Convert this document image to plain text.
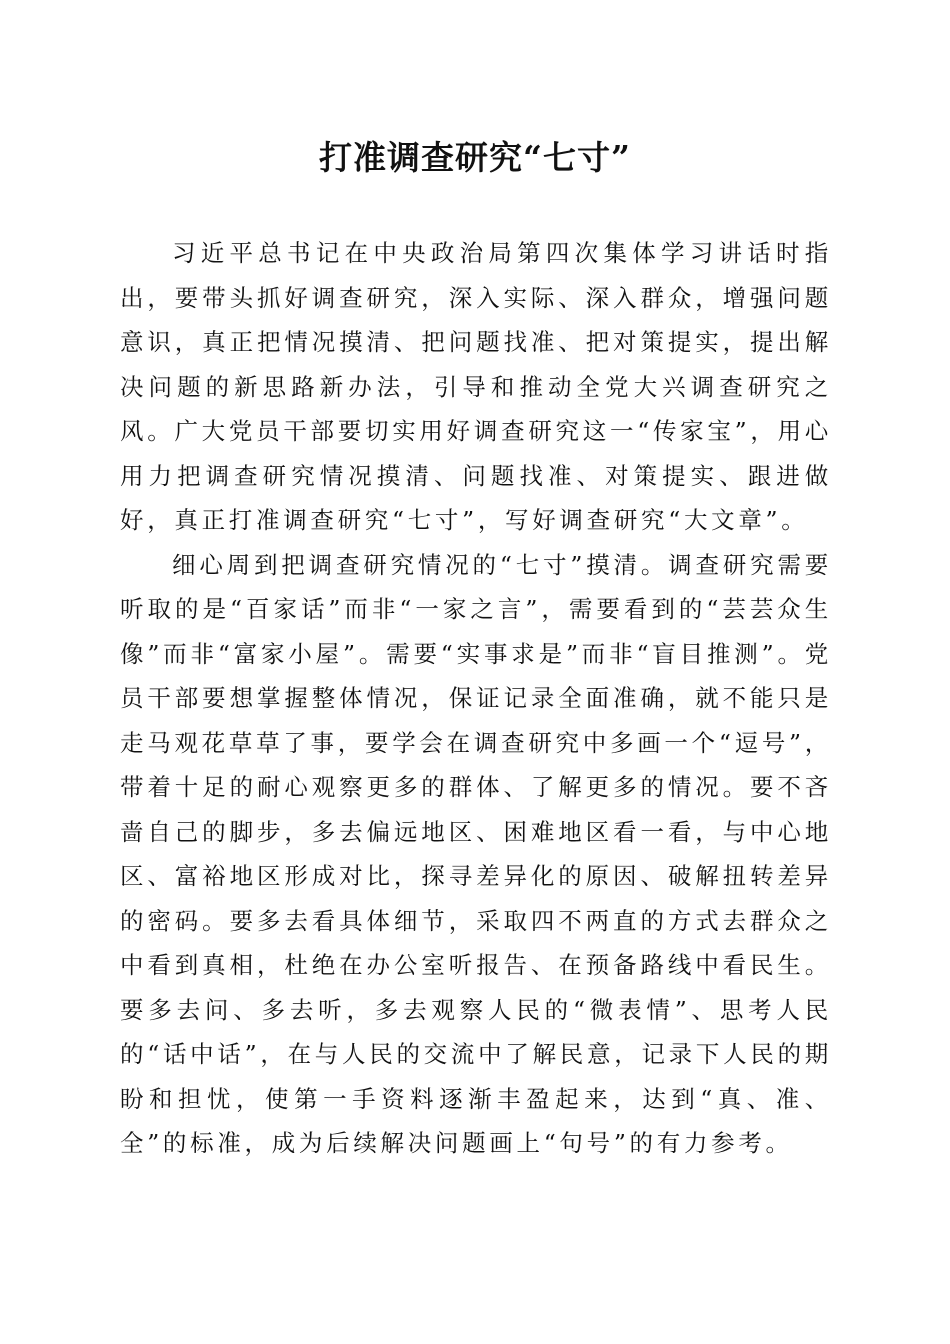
打准调查研究“七寸”

习近平总书记在中央政治局第四次集体学习讲话时指出，要带头抓好调查研究，深入实际、深入群众，增强问题意识，真正把情况摸清、把问题找准、把对策提实，提出解决问题的新思路新办法，引导和推动全党大兴调查研究之风。广大党员干部要切实用好调查研究这一“传家宝”，用心用力把调查研究情况摸清、问题找准、对策提实、跟进做好，真正打准调查研究“七寸”，写好调查研究“大文章”。

细心周到把调查研究情况的“七寸”摸清。调查研究需要听取的是“百家话”而非“一家之言”，需要看到的“芸芸众生像”而非“富家小屋”。需要“实事求是”而非“盲目推测”。党员干部要想掌握整体情况，保证记录全面准确，就不能只是走马观花草草了事，要学会在调查研究中多画一个“逗号”，带着十足的耐心观察更多的群体、了解更多的情况。要不吝啬自己的脚步，多去偏远地区、困难地区看一看，与中心地区、富裕地区形成对比，探寻差异化的原因、破解扭转差异的密码。要多去看具体细节，采取四不两直的方式去群众之中看到真相，杜绝在办公室听报告、在预备路线中看民生。要多去问、多去听，多去观察人民的“微表情”、思考人民的“话中话”，在与人民的交流中了解民意，记录下人民的期盼和担忧，使第一手资料逐渐丰盈起来，达到“真、准、全”的标准，成为后续解决问题画上“句号”的有力参考。
